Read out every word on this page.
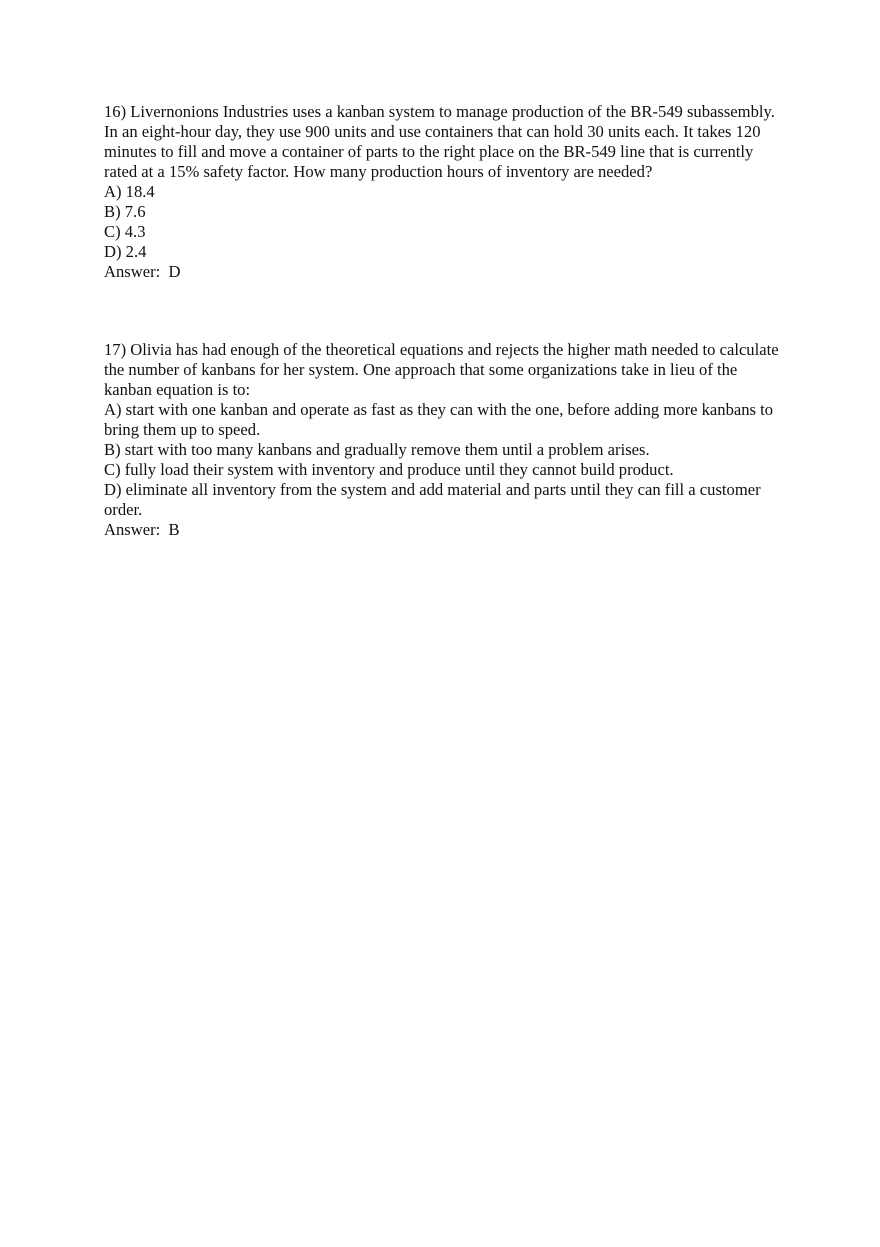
16) Livernonions Industries uses a kanban system to manage production of the BR-549 subassembly. In an eight-hour day, they use 900 units and use containers that can hold 30 units each. It takes 120 minutes to fill and move a container of parts to the right place on the BR-549 line that is currently rated at a 15% safety factor. How many production hours of inventory are needed?

A) 18.4

B) 7.6

C) 4.3

D) 2.4

Answer:  D

17) Olivia has had enough of the theoretical equations and rejects the higher math needed to calculate the number of kanbans for her system. One approach that some organizations take in lieu of the kanban equation is to:

A) start with one kanban and operate as fast as they can with the one, before adding more kanbans to bring them up to speed.

B) start with too many kanbans and gradually remove them until a problem arises.

C) fully load their system with inventory and produce until they cannot build product.

D) eliminate all inventory from the system and add material and parts until they can fill a customer order.

Answer:  B
